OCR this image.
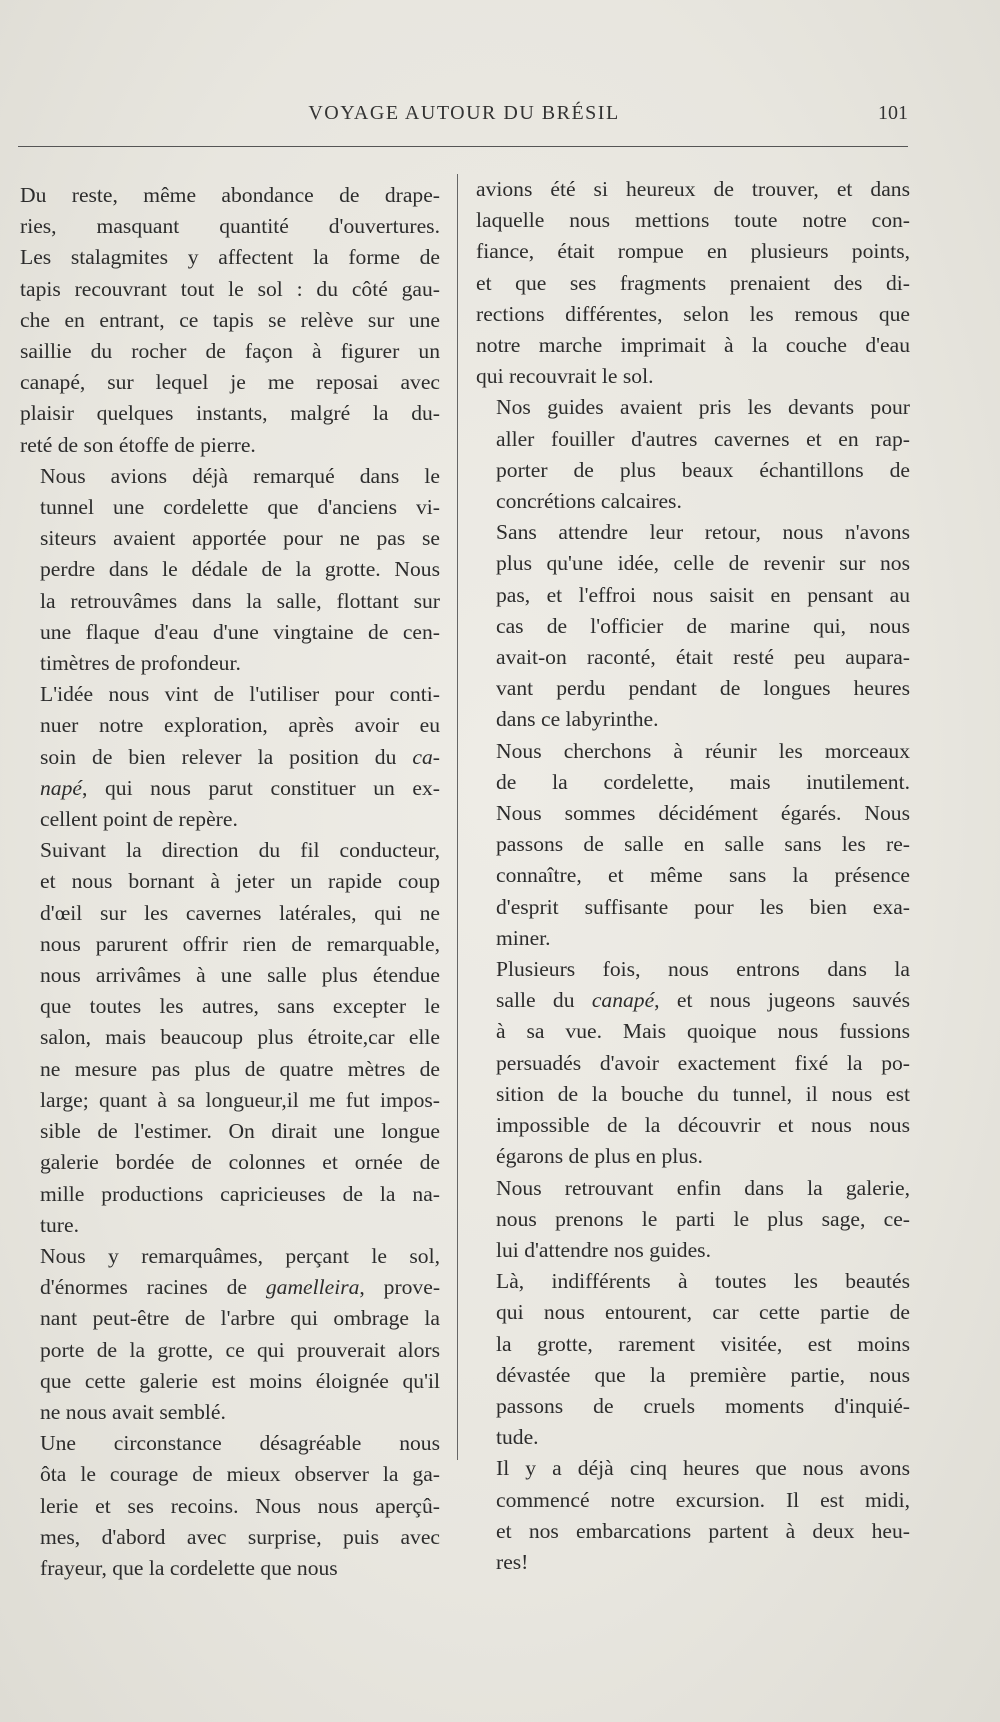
VOYAGE AUTOUR DU BRÉSIL	101

Du reste, même abondance de drape-
ries, masquant quantité d'ouvertures.
Les stalagmites y affectent la forme de
tapis recouvrant tout le sol : du côté gau-
che en entrant, ce tapis se relève sur une
saillie du rocher de façon à figurer un
canapé, sur lequel je me reposai avec
plaisir quelques instants, malgré la du-
reté de son étoffe de pierre.

Nous avions déjà remarqué dans le
tunnel une cordelette que d'anciens vi-
siteurs avaient apportée pour ne pas se
perdre dans le dédale de la grotte. Nous
la retrouvâmes dans la salle, flottant sur
une flaque d'eau d'une vingtaine de cen-
timètres de profondeur.

L'idée nous vint de l'utiliser pour conti-
nuer notre exploration, après avoir eu
soin de bien relever la position du ca-
napé, qui nous parut constituer un ex-
cellent point de repère.

Suivant la direction du fil conducteur,
et nous bornant à jeter un rapide coup
d'œil sur les cavernes latérales, qui ne
nous parurent offrir rien de remarquable,
nous arrivâmes à une salle plus étendue
que toutes les autres, sans excepter le
salon, mais beaucoup plus étroite,car elle
ne mesure pas plus de quatre mètres de
large; quant à sa longueur,il me fut impos-
sible de l'estimer. On dirait une longue
galerie bordée de colonnes et ornée de
mille productions capricieuses de la na-
ture.

Nous y remarquâmes, perçant le sol,
d'énormes racines de gamelleira, prove-
nant peut-être de l'arbre qui ombrage la
porte de la grotte, ce qui prouverait alors
que cette galerie est moins éloignée qu'il
ne nous avait semblé.

Une circonstance désagréable nous
ôta le courage de mieux observer la ga-
lerie et ses recoins. Nous nous aperçû-
mes, d'abord avec surprise, puis avec
frayeur, que la cordelette que nous

avions été si heureux de trouver, et dans
laquelle nous mettions toute notre con-
fiance, était rompue en plusieurs points,
et que ses fragments prenaient des di-
rections différentes, selon les remous que
notre marche imprimait à la couche d'eau
qui recouvrait le sol.

Nos guides avaient pris les devants pour
aller fouiller d'autres cavernes et en rap-
porter de plus beaux échantillons de
concrétions calcaires.

Sans attendre leur retour, nous n'avons
plus qu'une idée, celle de revenir sur nos
pas, et l'effroi nous saisit en pensant au
cas de l'officier de marine qui, nous
avait-on raconté, était resté peu aupara-
vant perdu pendant de longues heures
dans ce labyrinthe.

Nous cherchons à réunir les morceaux
de la cordelette, mais inutilement.
Nous sommes décidément égarés. Nous
passons de salle en salle sans les re-
connaître, et même sans la présence
d'esprit suffisante pour les bien exa-
miner.

Plusieurs fois, nous entrons dans la
salle du canapé, et nous jugeons sauvés
à sa vue. Mais quoique nous fussions
persuadés d'avoir exactement fixé la po-
sition de la bouche du tunnel, il nous est
impossible de la découvrir et nous nous
égarons de plus en plus.

Nous retrouvant enfin dans la galerie,
nous prenons le parti le plus sage, ce-
lui d'attendre nos guides.

Là, indifférents à toutes les beautés
qui nous entourent, car cette partie de
la grotte, rarement visitée, est moins
dévastée que la première partie, nous
passons de cruels moments d'inquié-
tude.

Il y a déjà cinq heures que nous avons
commencé notre excursion. Il est midi,
et nos embarcations partent à deux heu-
res!
